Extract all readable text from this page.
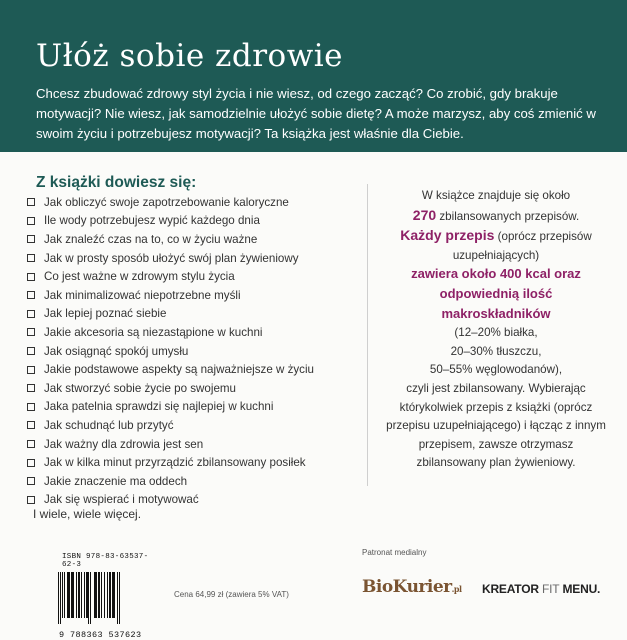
Ułóż sobie zdrowie

Chcesz zbudować zdrowy styl życia i nie wiesz, od czego zacząć? Co zrobić, gdy brakuje motywacji? Nie wiesz, jak samodzielnie ułożyć sobie dietę? A może marzysz, aby coś zmienić w swoim życiu i potrzebujesz motywacji? Ta książka jest właśnie dla Ciebie.

Z książki dowiesz się:
Jak obliczyć swoje zapotrzebowanie kaloryczne
Ile wody potrzebujesz wypić każdego dnia
Jak znaleźć czas na to, co w życiu ważne
Jak w prosty sposób ułożyć swój plan żywieniowy
Co jest ważne w zdrowym stylu życia
Jak minimalizować niepotrzebne myśli
Jak lepiej poznać siebie
Jakie akcesoria są niezastąpione w kuchni
Jak osiągnąć spokój umysłu
Jakie podstawowe aspekty są najważniejsze w życiu
Jak stworzyć sobie życie po swojemu
Jaka patelnia sprawdzi się najlepiej w kuchni
Jak schudnąć lub przytyć
Jak ważny dla zdrowia jest sen
Jak w kilka minut przyrządzić zbilansowany posiłek
Jakie znaczenie ma oddech
Jak się wspierać i motywować
I wiele, wiele więcej.
W książce znajduje się około
270 zbilansowanych przepisów.
Każdy przepis (oprócz przepisów uzupełniających)
zawiera około 400 kcal oraz odpowiednią ilość makroskładników
(12–20% białka,
20–30% tłuszczu,
50–55% węglowodanów),
czyli jest zbilansowany. Wybierając którykolwiek przepis z książki (oprócz przepisu uzupełniającego) i łącząc z innym przepisem, zawsze otrzymasz zbilansowany plan żywieniowy.
ISBN 978-83-63537-62-3
9 788363 537623
Cena 64,99 zł (zawiera 5% VAT)
Patronat medialny
BioKurier.pl KREATOR FIT MENU.
